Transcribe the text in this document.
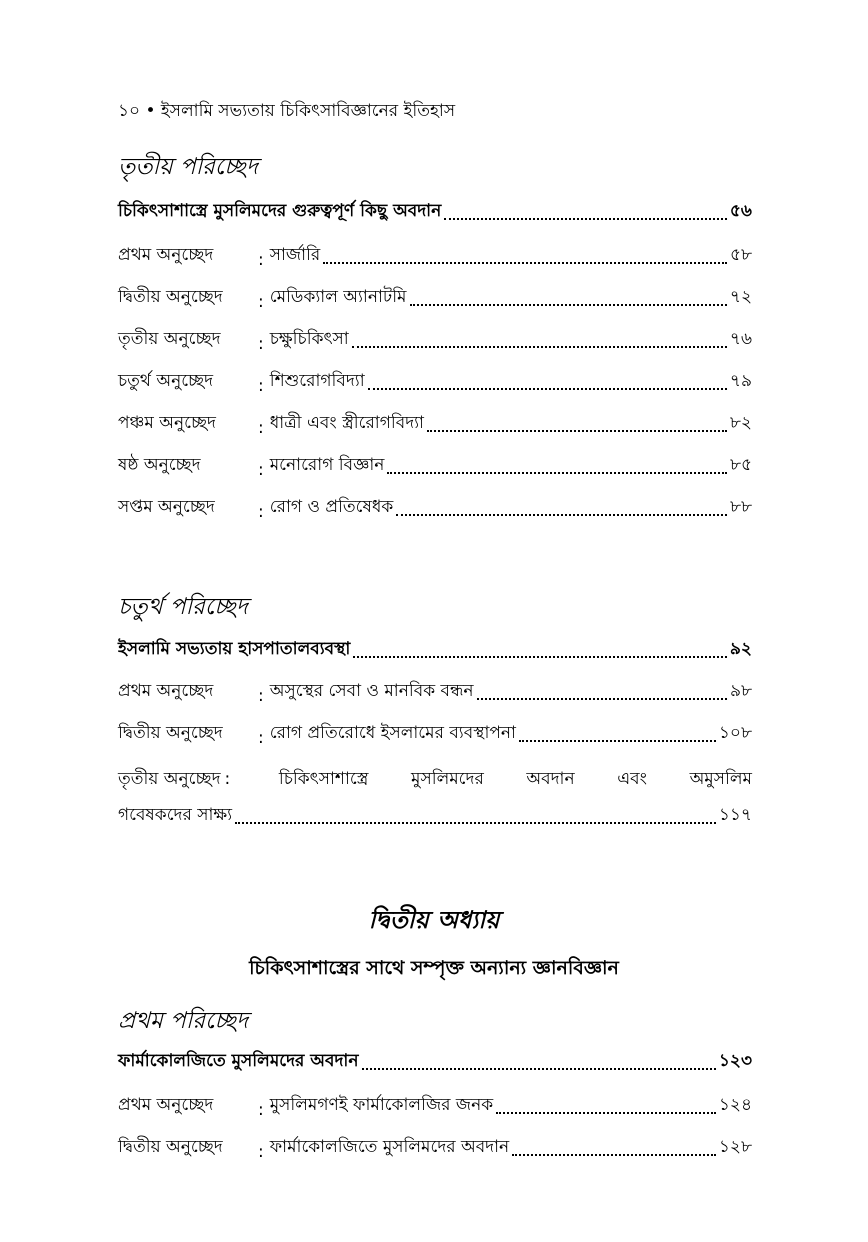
১০ • ইসলামি সভ্যতায় চিকিৎসাবিজ্ঞানের ইতিহাস
তৃতীয় পরিচ্ছেদ
চিকিৎসাশাস্ত্রে মুসলিমদের গুরুত্বপূর্ণ কিছু অবদান	৫৬
প্রথম অনুচ্ছেদ	: সার্জারি	৫৮
দ্বিতীয় অনুচ্ছেদ	: মেডিক্যাল অ্যানাটমি	৭২
তৃতীয় অনুচ্ছেদ	: চক্ষুচিকিৎসা	৭৬
চতুর্থ অনুচ্ছেদ	: শিশুরোগবিদ্যা	৭৯
পঞ্চম অনুচ্ছেদ	: ধাত্রী এবং স্ত্রীরোগবিদ্যা	৮২
ষষ্ঠ অনুচ্ছেদ	: মনোরোগ বিজ্ঞান	৮৫
সপ্তম অনুচ্ছেদ	: রোগ ও প্রতিষেধক	৮৮
চতুর্থ পরিচ্ছেদ
ইসলামি সভ্যতায় হাসপাতালব্যবস্থা	৯২
প্রথম অনুচ্ছেদ	: অসুস্থের সেবা ও মানবিক বন্ধন	৯৮
দ্বিতীয় অনুচ্ছেদ	: রোগ প্রতিরোধে ইসলামের ব্যবস্থাপনা	১০৮
তৃতীয় অনুচ্ছেদ :	চিকিৎসাশাস্ত্রে	মুসলিমদের	অবদান	এবং	অমুসলিম
গবেষকদের সাক্ষ্য	১১৭
দ্বিতীয় অধ্যায়
চিকিৎসাশাস্ত্রের সাথে সম্পৃক্ত অন্যান্য জ্ঞানবিজ্ঞান
প্রথম পরিচ্ছেদ
ফার্মাকোলজিতে মুসলিমদের অবদান	১২৩
প্রথম অনুচ্ছেদ	: মুসলিমগণই ফার্মাকোলজির জনক	১২৪
দ্বিতীয় অনুচ্ছেদ	: ফার্মাকোলজিতে মুসলিমদের অবদান	১২৮
